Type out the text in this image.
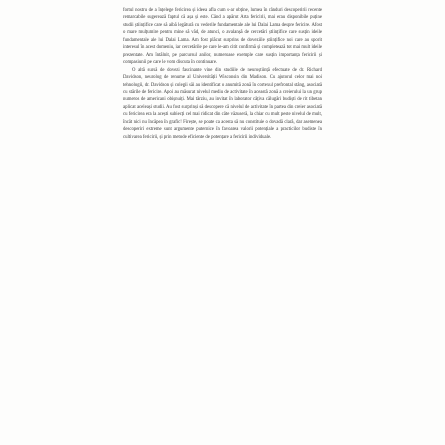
fortul nostru de a înțelege fericirea și ideea afla cum s-ar obține, lumea în rânduri descoperirii recente remarcabile sugerează faptul că așa și este. Când a apărut Arta fericirii, mai erau disponibile puține studii științifice care să aibă legătură cu vederile fundamentale ale lui Dalai Lama despre fericire. Afost o mare mulțumire pentru mine să văd, de atunci, o avalanșă de cercetări științifice care susțin ideile fundamentale ale lui Dalai Lama. Am fost plăcut surprins de doveziile științifice noi care au sporit interesul în acest domeniu, iar cercetările pe care le-am citit confirmă și completează tot mai mult ideile prezentate. Am întâlnit, pe parcursul anilor, numeroase exemple care susțin importanța fericirii și compasiunii pe care le vom discuta în continuare.

O altă sursă de dovezi fascinante vine din studiile de neuroștiință efectuate de dr. Richard Davidson, neurolog de renume al Universității Wisconsin din Madison. Cu ajutorul celor mai noi tehnologii, dr. Davidson și colegii săi au identificat o anumită zonă în cortexul prefrontal stâng, asociată cu stările de fericire. Apoi au măsurat nivelul mediu de activitate în această zonă a creierului la un grup numeros de americani obișnuiți. Mai târziu, au invitat în laborator câțiva călugări budiști de rit tibetan aplicat aceleași studii. Au fost surprinși să descopere că nivelul de activitate în partea din creier asociată cu fericirea era la acești subiecți cel mai ridicat din câte văzuseră, la chiar cu mult peste nivelul de mult, încât nici nu încăpea în grafic! Firește, se poate ca acesta să nu constituie o dovadă clară, dar asemenea descoperiri extreme sunt argumente puternice în favoarea valorii potențiale a practicilor budiste în cultivarea fericirii, și prin metode eficiente de potențare a fericirii individuale.
